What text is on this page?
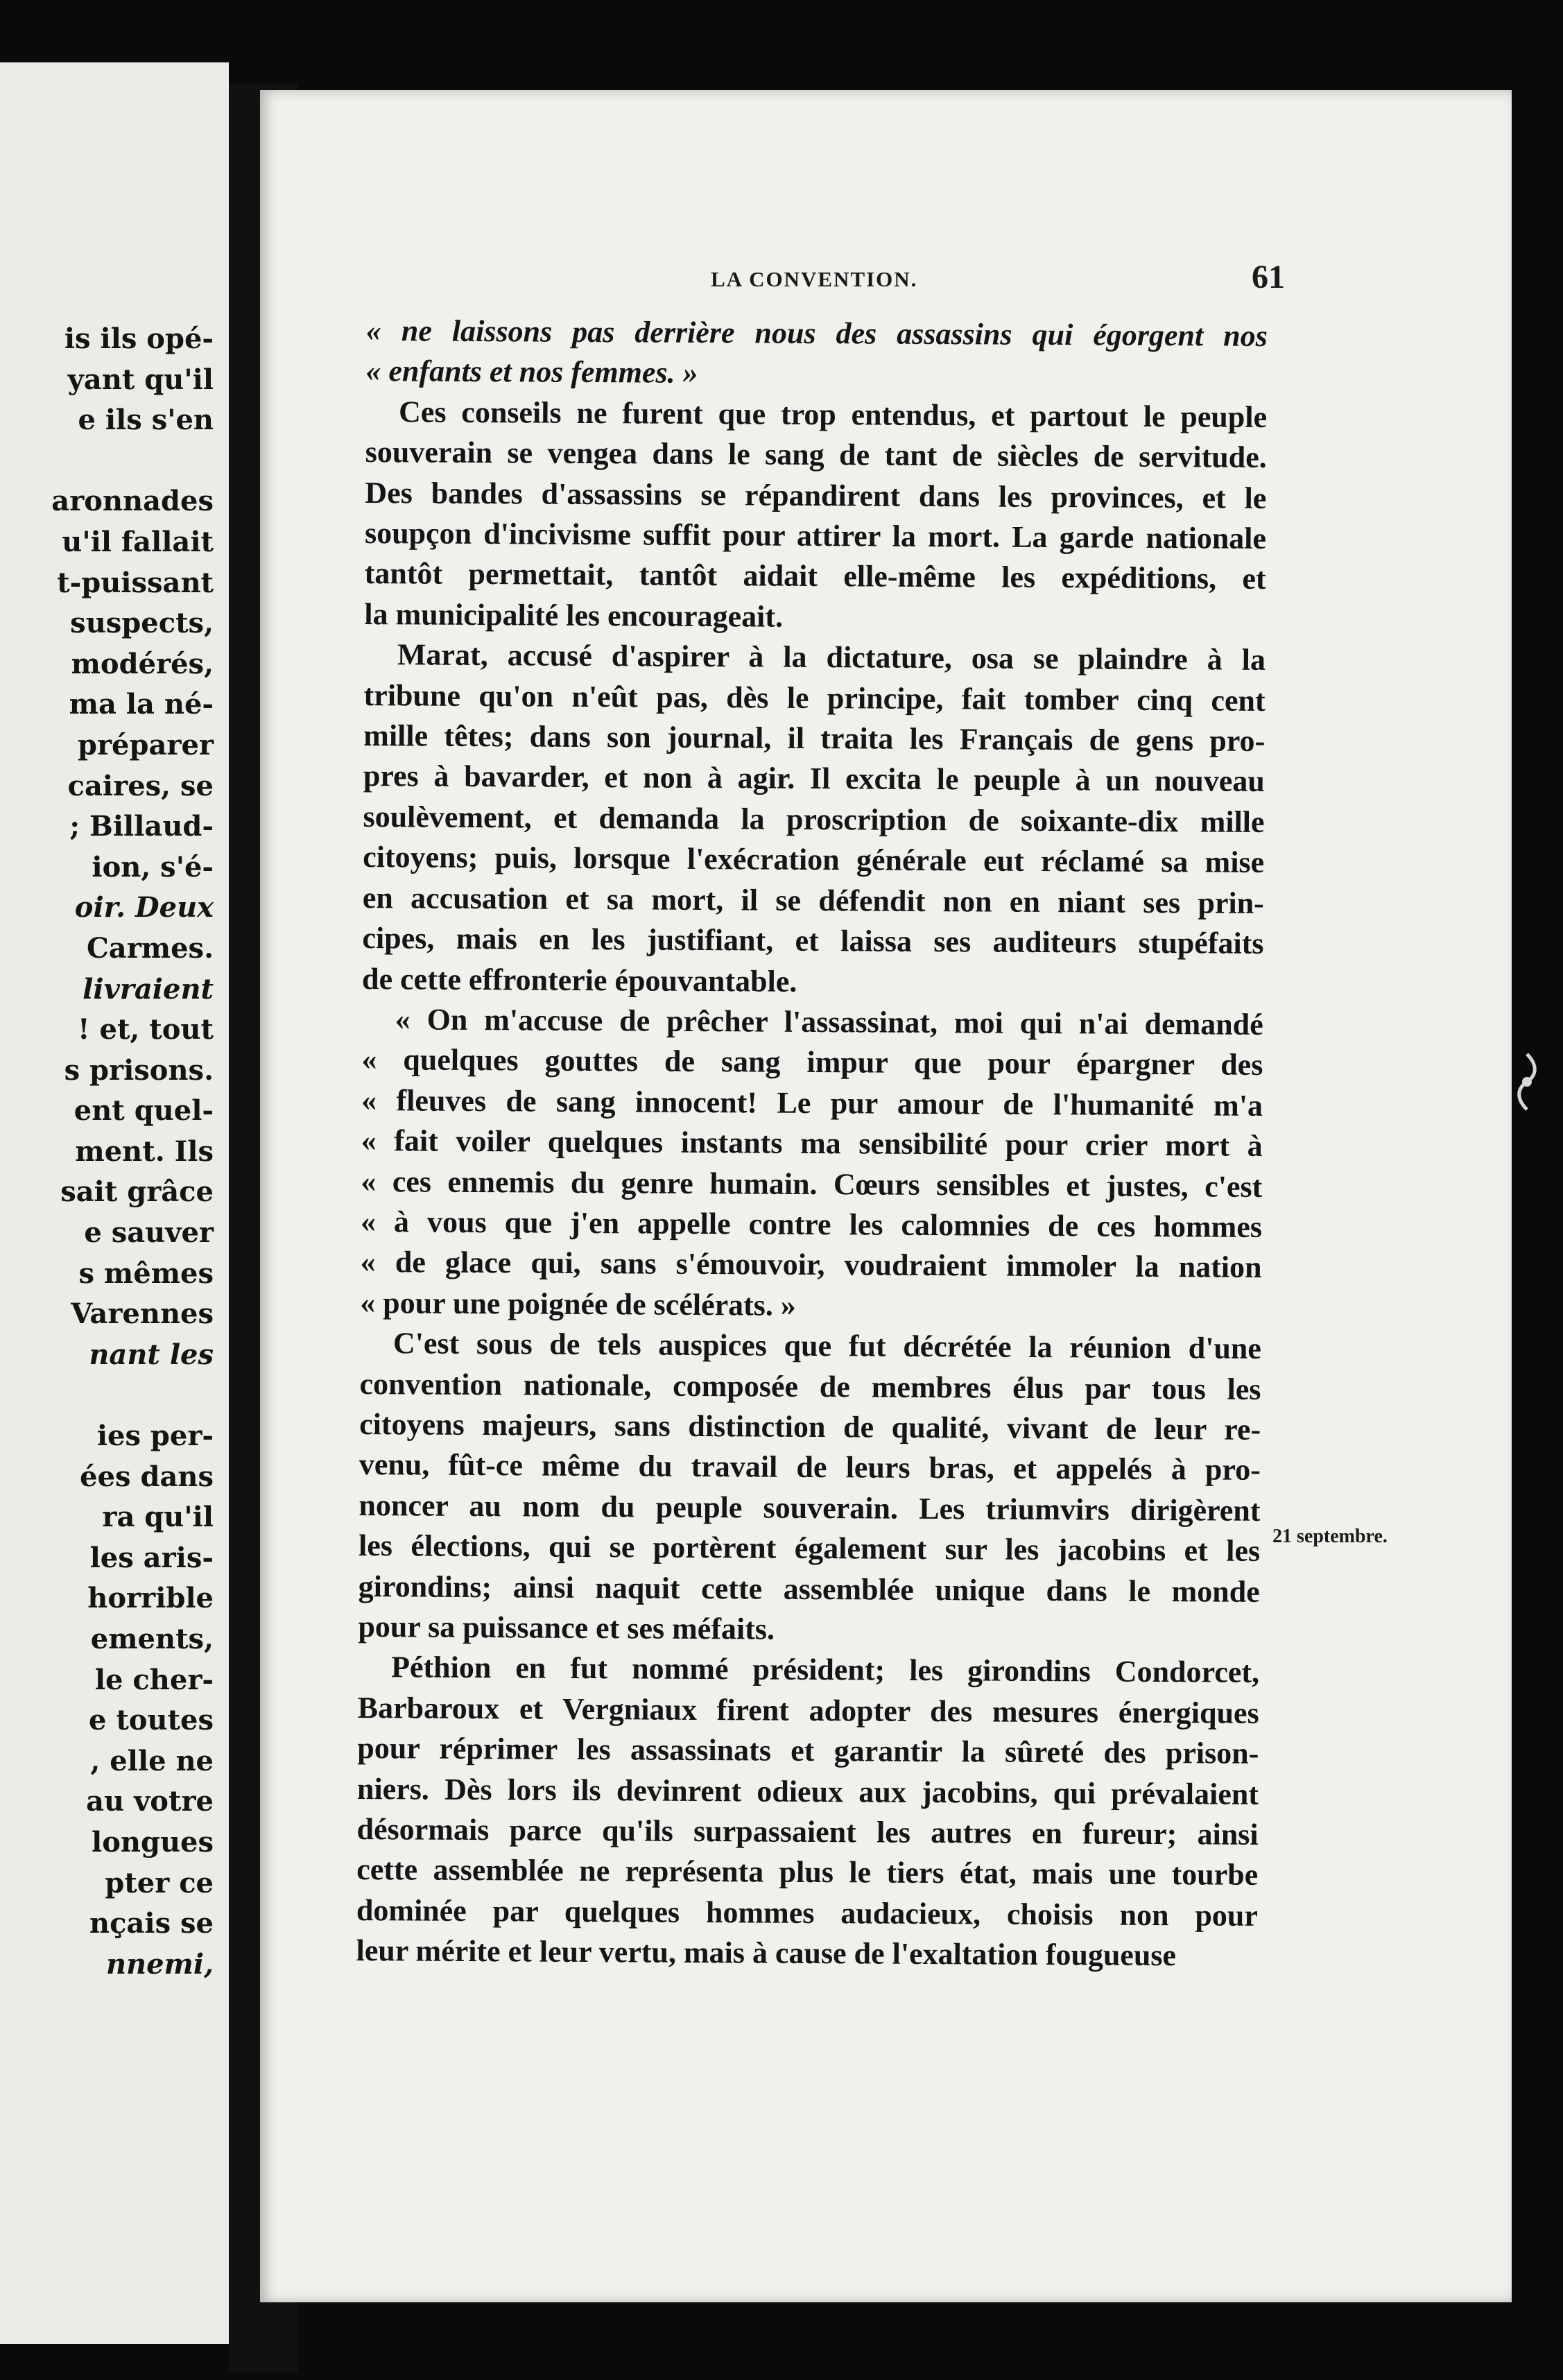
is ils opé-
yant qu'il
e ils s'en

aronnades
u'il fallait
t-puissant
suspects,
modérés,
ma la né-
préparer
caires, se
; Billaud-
ion, s'é-
oir. Deux
Carmes.
livraient
! et, tout
s prisons.
ent quel-
ment. Ils
sait grâce
e sauver
s mêmes
Varennes
nant les

ies per-
ées dans
ra qu'il
les aris-
horrible
ements,
le cher-
e toutes
, elle ne
au votre
longues
pter ce
nçais se
nnemi,
LA CONVENTION.	61
« ne laissons pas derrière nous des assassins qui égorgent nos
« enfants et nos femmes. »
Ces conseils ne furent que trop entendus, et partout le peuple
souverain se vengea dans le sang de tant de siècles de servitude.
Des bandes d'assassins se répandirent dans les provinces, et le
soupçon d'incivisme suffit pour attirer la mort. La garde nationale
tantôt permettait, tantôt aidait elle-même les expéditions, et
la municipalité les encourageait.
Marat, accusé d'aspirer à la dictature, osa se plaindre à la
tribune qu'on n'eût pas, dès le principe, fait tomber cinq cent
mille têtes; dans son journal, il traita les Français de gens pro-
pres à bavarder, et non à agir. Il excita le peuple à un nouveau
soulèvement, et demanda la proscription de soixante-dix mille
citoyens; puis, lorsque l'exécration générale eut réclamé sa mise
en accusation et sa mort, il se défendit non en niant ses prin-
cipes, mais en les justifiant, et laissa ses auditeurs stupéfaits
de cette effronterie épouvantable.
« On m'accuse de prêcher l'assassinat, moi qui n'ai demandé
« quelques gouttes de sang impur que pour épargner des
« fleuves de sang innocent! Le pur amour de l'humanité m'a
« fait voiler quelques instants ma sensibilité pour crier mort à
« ces ennemis du genre humain. Cœurs sensibles et justes, c'est
« à vous que j'en appelle contre les calomnies de ces hommes
« de glace qui, sans s'émouvoir, voudraient immoler la nation
« pour une poignée de scélérats. »
C'est sous de tels auspices que fut décrétée la réunion d'une
convention nationale, composée de membres élus par tous les
citoyens majeurs, sans distinction de qualité, vivant de leur re-
venu, fût-ce même du travail de leurs bras, et appelés à pro-
noncer au nom du peuple souverain. Les triumvirs dirigèrent
les élections, qui se portèrent également sur les jacobins et les
girondins; ainsi naquit cette assemblée unique dans le monde
pour sa puissance et ses méfaits.
Péthion en fut nommé président; les girondins Condorcet,
Barbaroux et Vergniaux firent adopter des mesures énergiques
pour réprimer les assassinats et garantir la sûreté des prison-
niers. Dès lors ils devinrent odieux aux jacobins, qui prévalaient
désormais parce qu'ils surpassaient les autres en fureur; ainsi
cette assemblée ne représenta plus le tiers état, mais une tourbe
dominée par quelques hommes audacieux, choisis non pour
leur mérite et leur vertu, mais à cause de l'exaltation fougueuse
21 septembre.
